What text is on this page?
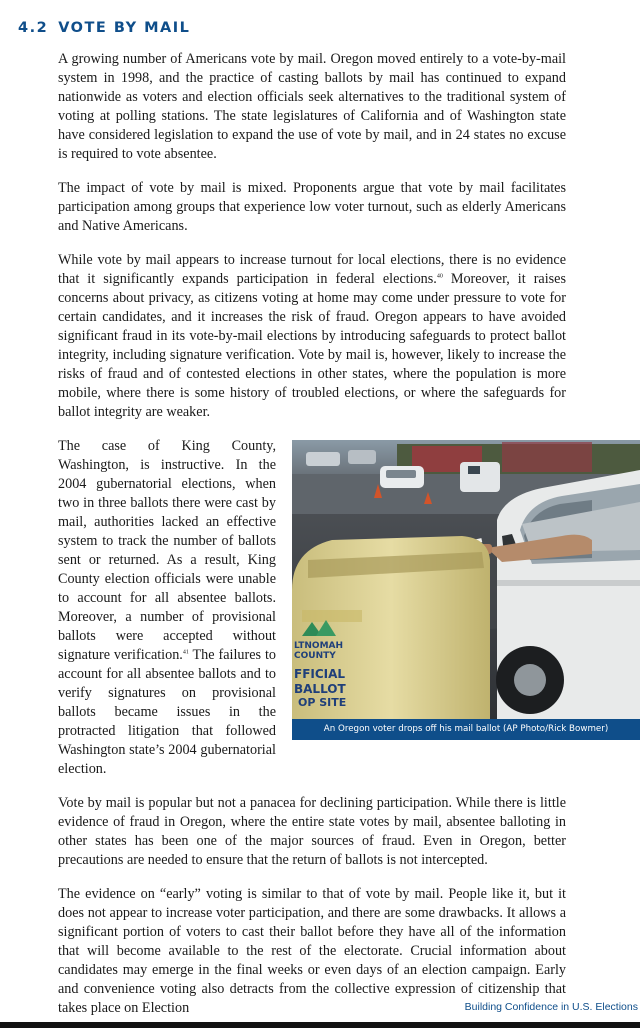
4.2 VOTE BY MAIL

A growing number of Americans vote by mail. Oregon moved entirely to a vote-by-mail system in 1998, and the practice of casting ballots by mail has continued to expand nationwide as voters and election officials seek alternatives to the traditional system of voting at polling stations. The state legislatures of California and of Washington state have considered legislation to expand the use of vote by mail, and in 24 states no excuse is required to vote absentee.

The impact of vote by mail is mixed. Proponents argue that vote by mail facilitates participation among groups that experience low voter turnout, such as elderly Americans and Native Americans.

While vote by mail appears to increase turnout for local elections, there is no evidence that it significantly expands participation in federal elections.$^{40}$ Moreover, it raises concerns about privacy, as citizens voting at home may come under pressure to vote for certain candidates, and it increases the risk of fraud. Oregon appears to have avoided significant fraud in its vote-by-mail elections by introducing safeguards to protect ballot integrity, including signature verification. Vote by mail is, however, likely to increase the risks of fraud and of contested elections in other states, where the population is more mobile, where there is some history of troubled elections, or where the safeguards for ballot integrity are weaker.

LTNOMAH
COUNTY
FFICIAL
BALLOT
OP SITE
An Oregon voter drops off his mail ballot (AP Photo/Rick Bowmer)

The case of King County, Washington, is instructive. In the 2004 gubernatorial elections, when two in three ballots there were cast by mail, authorities lacked an effective system to track the number of ballots sent or returned. As a result, King County election officials were unable to account for all absentee ballots. Moreover, a number of provisional ballots were accepted without signature verification.$^{41}$ The failures to account for all absentee ballots and to verify signatures on provisional ballots became issues in the protracted litigation that followed Washington state’s 2004 gubernatorial election.

Vote by mail is popular but not a panacea for declining participation. While there is little evidence of fraud in Oregon, where the entire state votes by mail, absentee balloting in other states has been one of the major sources of fraud. Even in Oregon, better precautions are needed to ensure that the return of ballots is not intercepted.

The evidence on “early” voting is similar to that of vote by mail. People like it, but it does not appear to increase voter participation, and there are some drawbacks. It allows a significant portion of voters to cast their ballot before they have all of the information that will become available to the rest of the electorate. Crucial information about candidates may emerge in the final weeks or even days of an election campaign. Early and convenience voting also detracts from the collective expression of citizenship that takes place on Election	Building Confidence in U.S. Elections
